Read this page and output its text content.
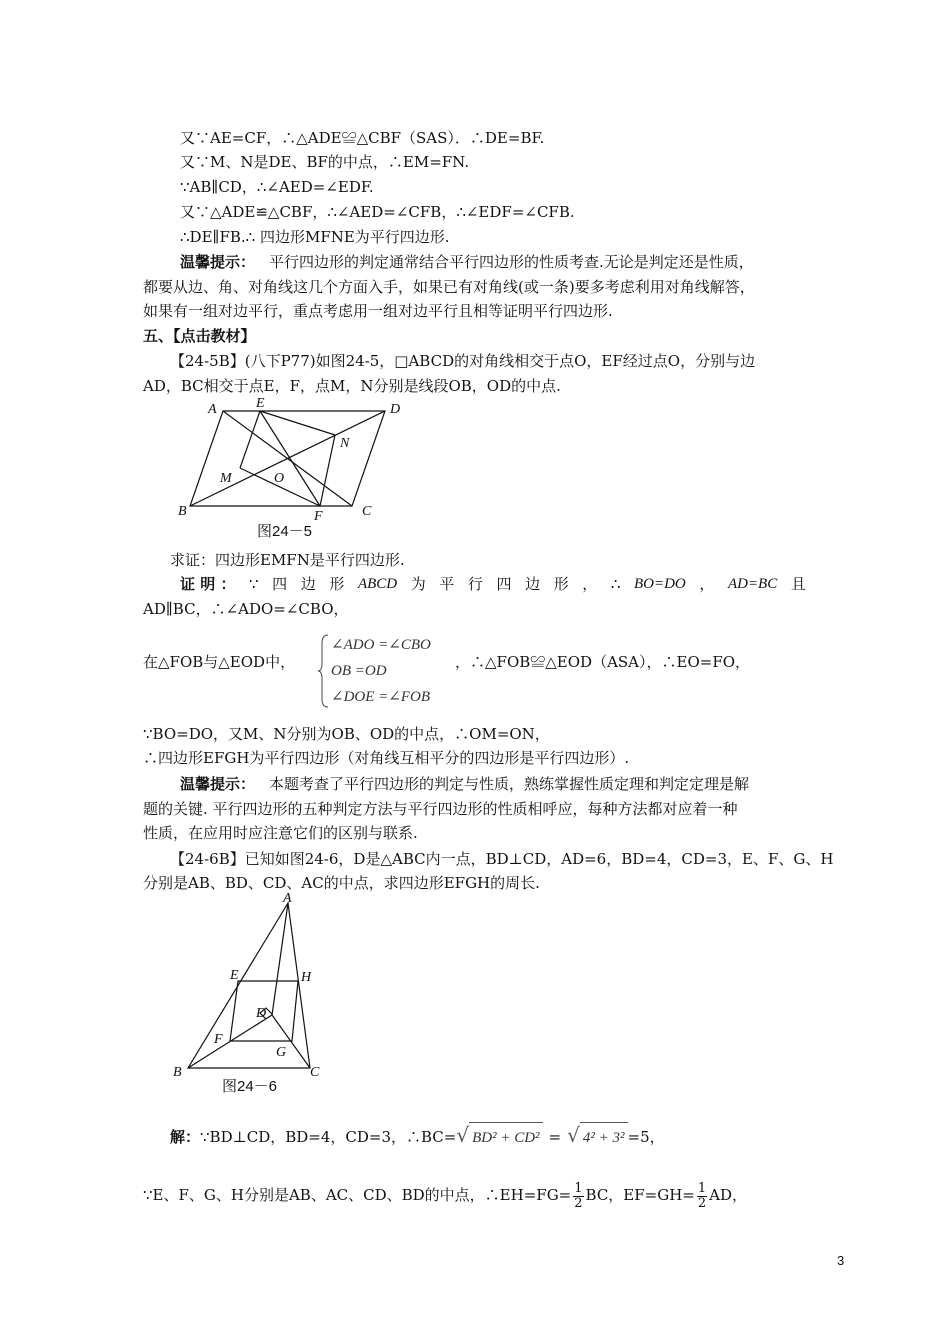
又∵AE=CF，∴△ADE≌△CBF（SAS）．∴DE=BF.
又∵M、N是DE、BF的中点，∴EM=FN.
∵AB∥CD，∴∠AED=∠EDF.
又∵△ADE≌△CBF，∴∠AED=∠CFB，∴∠EDF=∠CFB.
∴DE∥FB.∴ 四边形MFNE为平行四边形.
温馨提示： 平行四边形的判定通常结合平行四边形的性质考查.无论是判定还是性质，
都要从边、角、对角线这几个方面入手，如果已有对角线(或一条)要多考虑利用对角线解答，
如果有一组对边平行，重点考虑用一组对边平行且相等证明平行四边形.
五、【点击教材】
【24-5B】(八下P77)如图24-5，□ABCD的对角线相交于点O，EF经过点O，分别与边
AD，BC相交于点E，F，点M，N分别是线段OB，OD的中点.
A	E	D
N
M	O
B	F	C
图24－5
求证：四边形EMFN是平行四边形.
证 明 ： ∵ 四 边 形 ABCD 为 平 行 四 边 形 ， ∴ BO=DO ， AD=BC 且
AD∥BC，∴∠ADO=∠CBO，
在△FOB与△EOD中，
∠ADO =∠CBO
OB =OD
∠DOE =∠FOB
，∴△FOB≌△EOD（ASA），∴EO=FO，
∵BO=DO，又M、N分别为OB、OD的中点，∴OM=ON，
∴四边形EFGH为平行四边形（对角线互相平分的四边形是平行四边形）.
温馨提示： 本题考查了平行四边形的判定与性质，熟练掌握性质定理和判定定理是解
题的关键. 平行四边形的五种判定方法与平行四边形的性质相呼应，每种方法都对应着一种
性质，在应用时应注意它们的区别与联系.
【24-6B】已知如图24-6，D是△ABC内一点，BD⊥CD，AD=6，BD=4，CD=3，E、F、G、H
分别是AB、BD、CD、AC的中点，求四边形EFGH的周长.
A
E	H
D
F
G
B	C
图24－6
解：∵BD⊥CD，BD=4，CD=3，∴BC=√ BD² + CD² = √ 4² + 3² =5，
∵E、F、G、H分别是AB、AC、CD、BD的中点，∴EH=FG= $\frac{1}{2}$ BC，$EF=GH= \frac{1}{2}$ AD，
3
